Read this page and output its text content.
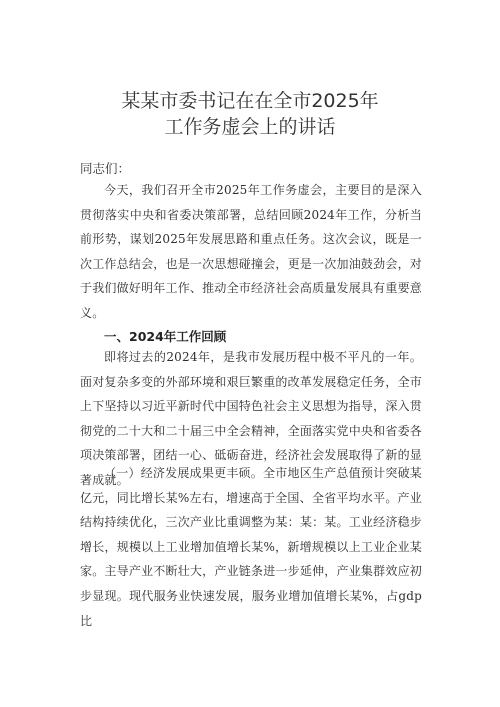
某某市委书记在在全市2025年
工作务虚会上的讲话
同志们：
今天，我们召开全市2025年工作务虚会，主要目的是深入贯彻落实中央和省委决策部署，总结回顾2024年工作，分析当前形势，谋划2025年发展思路和重点任务。这次会议，既是一次工作总结会，也是一次思想碰撞会，更是一次加油鼓劲会，对于我们做好明年工作、推动全市经济社会高质量发展具有重要意义。
一、2024年工作回顾
即将过去的2024年，是我市发展历程中极不平凡的一年。面对复杂多变的外部环境和艰巨繁重的改革发展稳定任务，全市上下坚持以习近平新时代中国特色社会主义思想为指导，深入贯彻党的二十大和二十届三中全会精神，全面落实党中央和省委各项决策部署，团结一心、砥砺奋进，经济社会发展取得了新的显著成就。
（一）经济发展成果更丰硕。全市地区生产总值预计突破某亿元，同比增长某%左右，增速高于全国、全省平均水平。产业结构持续优化，三次产业比重调整为某：某：某。工业经济稳步增长，规模以上工业增加值增长某%，新增规模以上工业企业某家。主导产业不断壮大，产业链条进一步延伸，产业集群效应初步显现。现代服务业快速发展，服务业增加值增长某%，占gdp比
